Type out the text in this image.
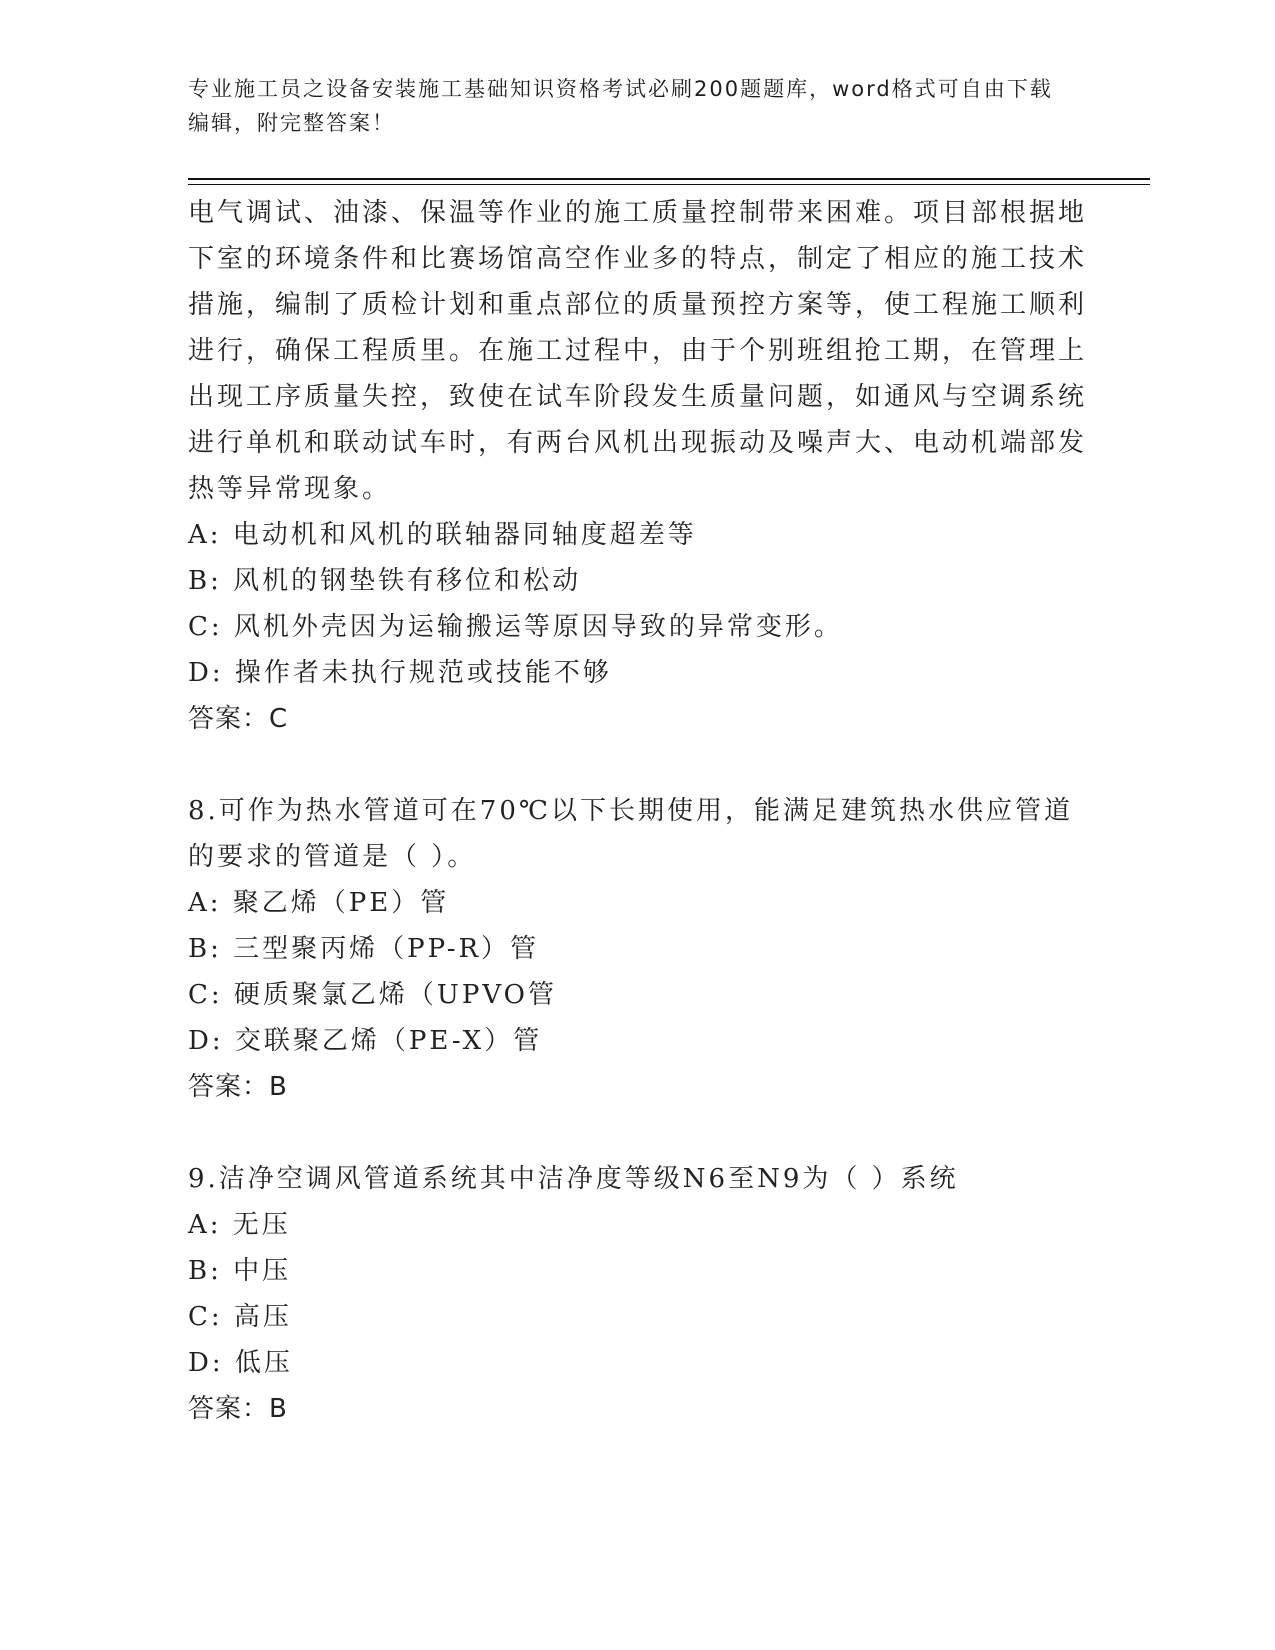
专业施工员之设备安装施工基础知识资格考试必刷200题题库，word格式可自由下载编辑，附完整答案！

电气调试、油漆、保温等作业的施工质量控制带来困难。项目部根据地下室的环境条件和比赛场馆高空作业多的特点，制定了相应的施工技术措施，编制了质检计划和重点部位的质量预控方案等，使工程施工顺利进行，确保工程质里。在施工过程中，由于个别班组抢工期，在管理上出现工序质量失控，致使在试车阶段发生质量问题，如通风与空调系统进行单机和联动试车时，有两台风机出现振动及噪声大、电动机端部发热等异常现象。

A: 电动机和风机的联轴器同轴度超差等

B: 风机的钢垫铁有移位和松动

C: 风机外壳因为运输搬运等原因导致的异常变形。

D: 操作者未执行规范或技能不够

答案：C

8.可作为热水管道可在70℃以下长期使用，能满足建筑热水供应管道的要求的管道是（ ）。

A: 聚乙烯（PE）管

B: 三型聚丙烯（PP-R）管

C: 硬质聚氯乙烯（UPVO管

D: 交联聚乙烯（PE-X）管

答案：B

9.洁净空调风管道系统其中洁净度等级N6至N9为（ ）系统

A: 无压

B: 中压

C: 高压

D: 低压

答案：B
